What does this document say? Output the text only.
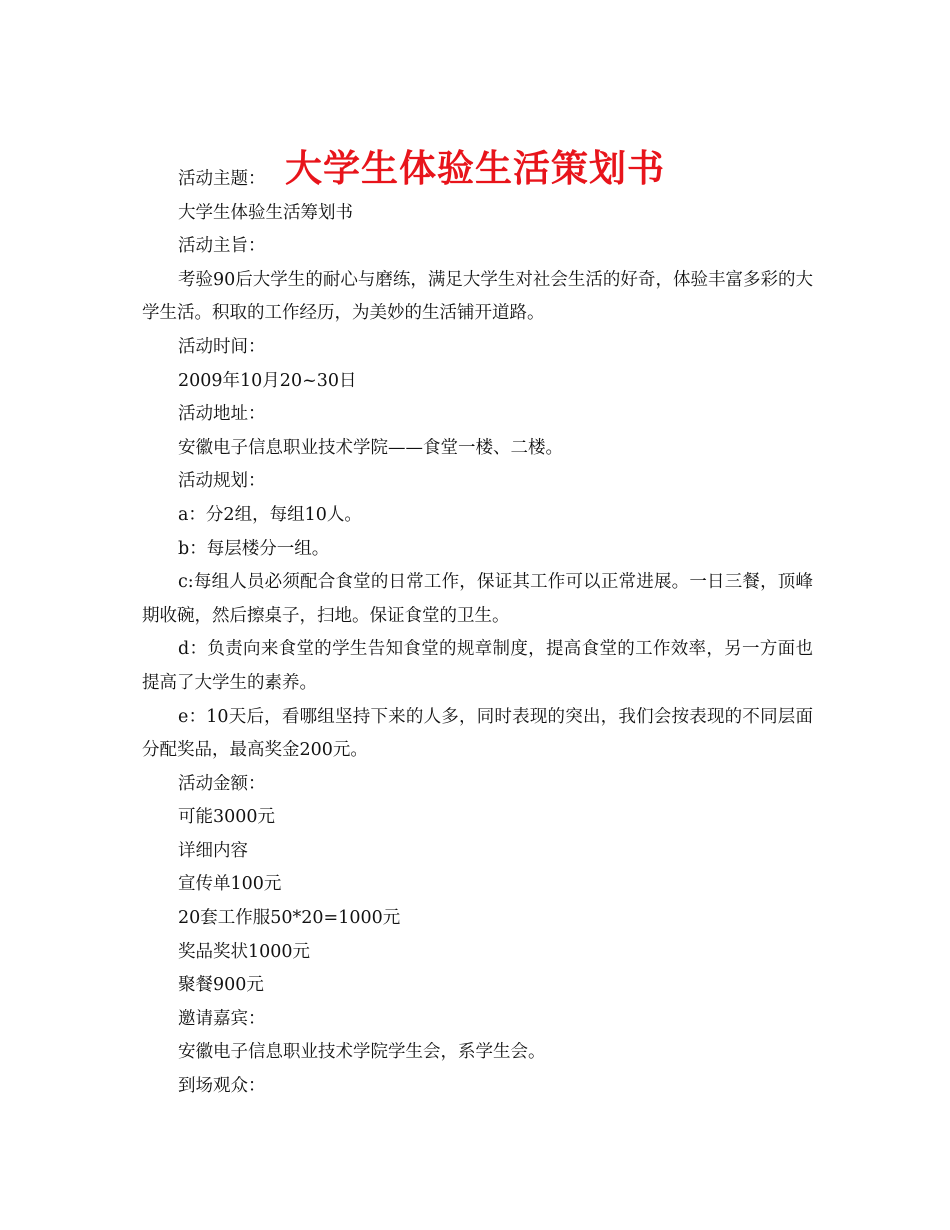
大学生体验生活策划书

活动主题：

大学生体验生活筹划书

活动主旨：

考验90后大学生的耐心与磨练，满足大学生对社会生活的好奇，体验丰富多彩的大学生活。积取的工作经历，为美妙的生活铺开道路。

活动时间：

2009年10月20~30日

活动地址：

安徽电子信息职业技术学院——食堂一楼、二楼。

活动规划：

a：分2组，每组10人。

b：每层楼分一组。

c:每组人员必须配合食堂的日常工作，保证其工作可以正常进展。一日三餐，顶峰期收碗，然后擦桌子，扫地。保证食堂的卫生。

d：负责向来食堂的学生告知食堂的规章制度，提高食堂的工作效率，另一方面也提高了大学生的素养。

e：10天后，看哪组坚持下来的人多，同时表现的突出，我们会按表现的不同层面分配奖品，最高奖金200元。

活动金额：

可能3000元

详细内容

宣传单100元

20套工作服50*20=1000元

奖品奖状1000元

聚餐900元

邀请嘉宾：

安徽电子信息职业技术学院学生会，系学生会。

到场观众：
